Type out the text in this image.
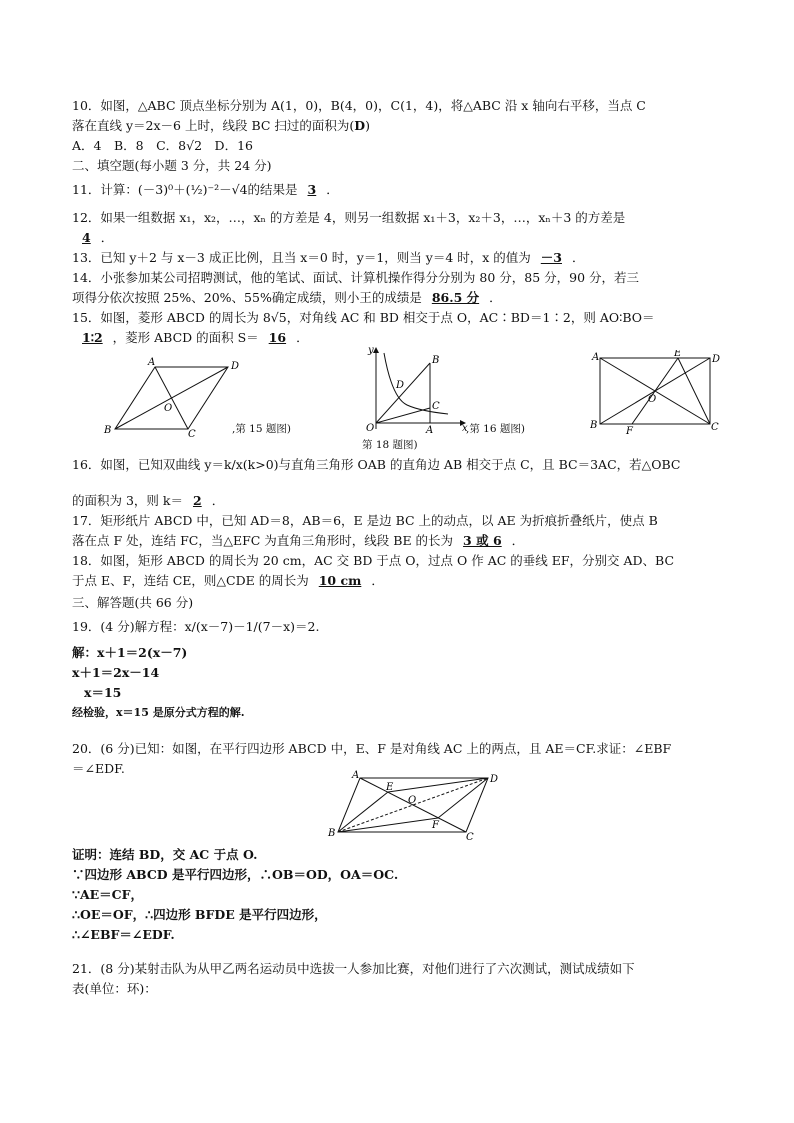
10．如图，△ABC 顶点坐标分别为 A(1，0)，B(4，0)，C(1，4)，将△ABC 沿 x 轴向右平移，当点 C
落在直线 y＝2x－6 上时，线段 BC 扫过的面积为(D)
A．4　B．8　C．8√2　D．16
二、填空题(每小题 3 分，共 24 分)
11．计算：(－3)⁰＋(½)⁻²－√4的结果是 3 ．
12．如果一组数据 x₁，x₂，…，xₙ 的方差是 4，则另一组数据 x₁＋3，x₂＋3，…，xₙ＋3 的方差是
4 ．
13．已知 y＋2 与 x－3 成正比例，且当 x＝0 时，y＝1，则当 y＝4 时，x 的值为 －3 ．
14．小张参加某公司招聘测试，他的笔试、面试、计算机操作得分分别为 80 分，85 分，90 分，若三
项得分依次按照 25%、20%、55%确定成绩，则小王的成绩是 86.5 分 ．
15．如图，菱形 ABCD 的周长为 8√5，对角线 AC 和 BD 相交于点 O，AC∶BD＝1∶2，则 AO∶BO＝
1∶2 ，菱形 ABCD 的面积 S＝ 16 ．
A	D
B	C
O
,第 15 题图)
y
B
D
C
O	A	x
第 18 题图)
,第 16 题图)
A	E
D
B
F	C
O
16．如图，已知双曲线 y＝k/x(k>0)与直角三角形 OAB 的直角边 AB 相交于点 C，且 BC＝3AC，若△OBC
的面积为 3，则 k＝ 2 ．
17．矩形纸片 ABCD 中，已知 AD＝8，AB＝6，E 是边 BC 上的动点，以 AE 为折痕折叠纸片，使点 B
落在点 F 处，连结 FC，当△EFC 为直角三角形时，线段 BE 的长为 3 或 6 ．
18．如图，矩形 ABCD 的周长为 20 cm，AC 交 BD 于点 O，过点 O 作 AC 的垂线 EF，分别交 AD、BC
于点 E、F，连结 CE，则△CDE 的周长为 10 cm ．
三、解答题(共 66 分)
19．(4 分)解方程：x/(x－7)－1/(7－x)＝2.
解：x＋1＝2(x－7)
x＋1＝2x－14
x＝15
经检验，x＝15 是原分式方程的解.
20．(6 分)已知：如图，在平行四边形 ABCD 中，E、F 是对角线 AC 上的两点，且 AE＝CF.求证：∠EBF
＝∠EDF.	A	D
B	C
E
F
O
证明：连结 BD，交 AC 于点 O.
∵四边形 ABCD 是平行四边形，∴OB＝OD，OA＝OC.
∵AE＝CF，
∴OE＝OF，∴四边形 BFDE 是平行四边形，
∴∠EBF＝∠EDF.
21．(8 分)某射击队为从甲乙两名运动员中选拔一人参加比赛，对他们进行了六次测试，测试成绩如下
表(单位：环)：
